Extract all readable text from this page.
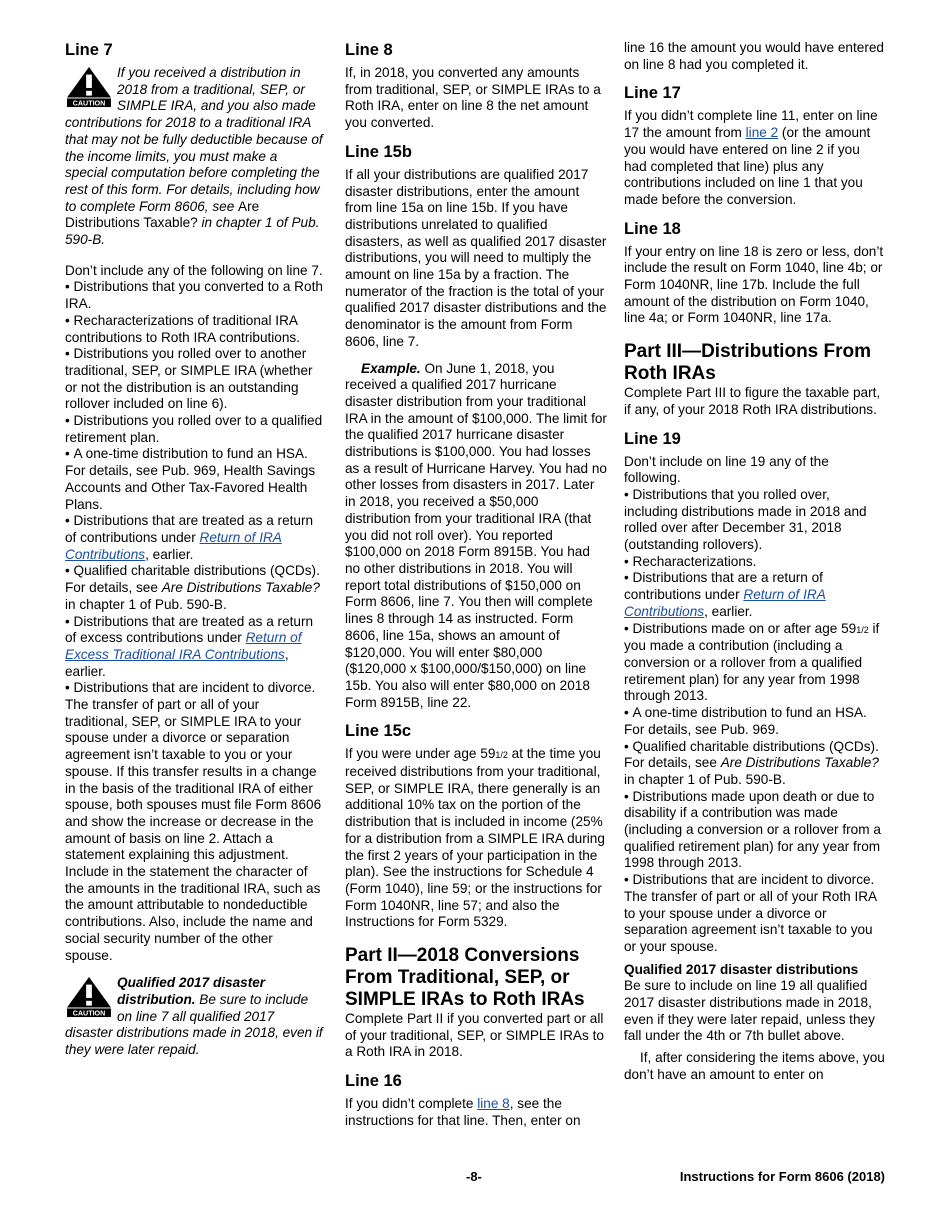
Line 7
CAUTION

If you received a distribution in 2018 from a traditional, SEP, or SIMPLE IRA, and you also made contributions for 2018 to a traditional IRA that may not be fully deductible because of the income limits, you must make a special computation before completing the rest of this form. For details, including how to complete Form 8606, see Are Distributions Taxable? in chapter 1 of Pub. 590-B.

Don’t include any of the following on line 7.

• Distributions that you converted to a Roth IRA.

• Recharacterizations of traditional IRA contributions to Roth IRA contributions.

• Distributions you rolled over to another traditional, SEP, or SIMPLE IRA (whether or not the distribution is an outstanding rollover included on line 6).

• Distributions you rolled over to a qualified retirement plan.

• A one-time distribution to fund an HSA. For details, see Pub. 969, Health Savings Accounts and Other Tax-Favored Health Plans.

• Distributions that are treated as a return of contributions under Return of IRA Contributions, earlier.

• Qualified charitable distributions (QCDs). For details, see Are Distributions Taxable? in chapter 1 of Pub. 590-B.

• Distributions that are treated as a return of excess contributions under Return of Excess Traditional IRA Contributions, earlier.

• Distributions that are incident to divorce. The transfer of part or all of your traditional, SEP, or SIMPLE IRA to your spouse under a divorce or separation agreement isn’t taxable to you or your spouse. If this transfer results in a change in the basis of the traditional IRA of either spouse, both spouses must file Form 8606 and show the increase or decrease in the amount of basis on line 2. Attach a statement explaining this adjustment. Include in the statement the character of the amounts in the traditional IRA, such as the amount attributable to nondeductible contributions. Also, include the name and social security number of the other spouse.

CAUTION

Qualified 2017 disaster distribution. Be sure to include on line 7 all qualified 2017 disaster distributions made in 2018, even if they were later repaid.

Line 8

If, in 2018, you converted any amounts from traditional, SEP, or SIMPLE IRAs to a Roth IRA, enter on line 8 the net amount you converted.

Line 15b

If all your distributions are qualified 2017 disaster distributions, enter the amount from line 15a on line 15b. If you have distributions unrelated to qualified disasters, as well as qualified 2017 disaster distributions, you will need to multiply the amount on line 15a by a fraction. The numerator of the fraction is the total of your qualified 2017 disaster distributions and the denominator is the amount from Form 8606, line 7.

Example. On June 1, 2018, you received a qualified 2017 hurricane disaster distribution from your traditional IRA in the amount of $100,000. The limit for the qualified 2017 hurricane disaster distributions is $100,000. You had losses as a result of Hurricane Harvey. You had no other losses from disasters in 2017. Later in 2018, you received a $50,000 distribution from your traditional IRA (that you did not roll over). You reported $100,000 on 2018 Form 8915B. You had no other distributions in 2018. You will report total distributions of $150,000 on Form 8606, line 7. You then will complete lines 8 through 14 as instructed. Form 8606, line 15a, shows an amount of $120,000. You will enter $80,000 ($120,000 x $100,000/$150,000) on line 15b. You also will enter $80,000 on 2018 Form 8915B, line 22.

Line 15c

If you were under age 591/2 at the time you received distributions from your traditional, SEP, or SIMPLE IRA, there generally is an additional 10% tax on the portion of the distribution that is included in income (25% for a distribution from a SIMPLE IRA during the first 2 years of your participation in the plan). See the instructions for Schedule 4 (Form 1040), line 59; or the instructions for Form 1040NR, line 57; and also the Instructions for Form 5329.

Part II—2018 Conversions From Traditional, SEP, or SIMPLE IRAs to Roth IRAs

Complete Part II if you converted part or all of your traditional, SEP, or SIMPLE IRAs to a Roth IRA in 2018.

Line 16

If you didn’t complete line 8, see the instructions for that line. Then, enter on

line 16 the amount you would have entered on line 8 had you completed it.

Line 17

If you didn’t complete line 11, enter on line 17 the amount from line 2 (or the amount you would have entered on line 2 if you had completed that line) plus any contributions included on line 1 that you made before the conversion.

Line 18

If your entry on line 18 is zero or less, don’t include the result on Form 1040, line 4b; or Form 1040NR, line 17b. Include the full amount of the distribution on Form 1040, line 4a; or Form 1040NR, line 17a.

Part III—Distributions From Roth IRAs

Complete Part III to figure the taxable part, if any, of your 2018 Roth IRA distributions.

Line 19

Don’t include on line 19 any of the following.

• Distributions that you rolled over, including distributions made in 2018 and rolled over after December 31, 2018 (outstanding rollovers).

• Recharacterizations.

• Distributions that are a return of contributions under Return of IRA Contributions, earlier.

• Distributions made on or after age 591/2 if you made a contribution (including a conversion or a rollover from a qualified retirement plan) for any year from 1998 through 2013.

• A one-time distribution to fund an HSA. For details, see Pub. 969.

• Qualified charitable distributions (QCDs). For details, see Are Distributions Taxable? in chapter 1 of Pub. 590-B.

• Distributions made upon death or due to disability if a contribution was made (including a conversion or a rollover from a qualified retirement plan) for any year from 1998 through 2013.

• Distributions that are incident to divorce. The transfer of part or all of your Roth IRA to your spouse under a divorce or separation agreement isn’t taxable to you or your spouse.

Qualified 2017 disaster distributions

Be sure to include on line 19 all qualified 2017 disaster distributions made in 2018, even if they were later repaid, unless they fall under the 4th or 7th bullet above.

If, after considering the items above, you don’t have an amount to enter on

-8-	Instructions for Form 8606 (2018)
